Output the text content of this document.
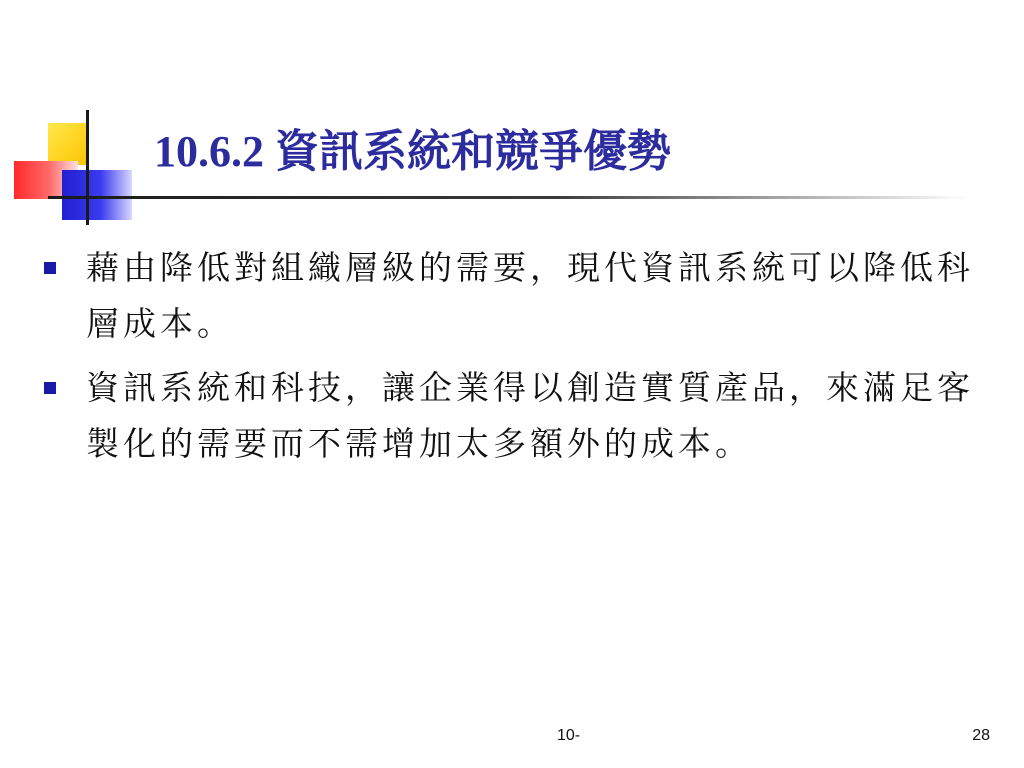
10.6.2 資訊系統和競爭優勢
藉由降低對組織層級的需要，現代資訊系統可以降低科層成本。
資訊系統和科技，讓企業得以創造實質產品，來滿足客製化的需要而不需增加太多額外的成本。
10-	28
